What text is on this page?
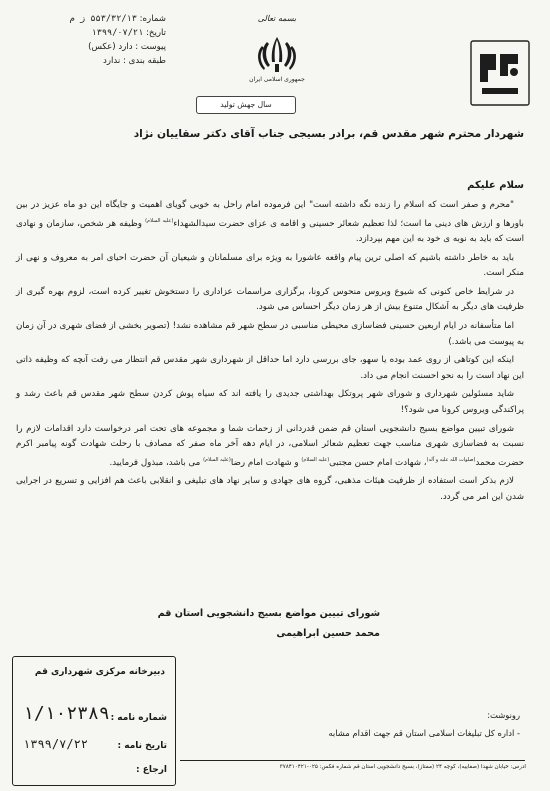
شماره: ۵۵۳/۳۲/۱۳ ز م
تاریخ: ۱۳۹۹/۰۷/۲۱
پیوست : دارد (عکس)
طبقه بندی : ندارد
بسمه تعالی
جمهوری اسلامی ایران
سال جهش تولید
شهردار محترم شهر مقدس قم، برادر بسیجی جناب آقای دکتر سقاییان نژاد
سلام علیکم

"محرم و صفر است که اسلام را زنده نگه داشته است" این فرموده امام راحل به خوبی گویای اهمیت و جایگاه این دو ماه عزیز در بین باورها و ارزش های دینی ما است؛ لذا تعظیم شعائر حسینی و اقامه ی عزای حضرت سیدالشهداء$^{(علیه السلام)}$ وظیفه هر شخص، سازمان و نهادی است که باید به نوبه ی خود به این مهم بپردازد.

باید به خاطر داشته باشیم که اصلی ترین پیام واقعه عاشورا به ویژه برای مسلمانان و شیعیان آن حضرت احیای امر به معروف و نهی از منکر است.

در شرایط خاص کنونی که شیوع ویروس منحوس کرونا، برگزاری مراسمات عزاداری را دستخوش تغییر کرده است، لزوم بهره گیری از ظرفیت های دیگر به اَشکال متنوع بیش از هر زمان دیگر احساس می شود.

اما متأسفانه در ایام اربعین حسینی فضاسازی محیطی مناسبی در سطح شهر قم مشاهده نشد! (تصویر بخشی از فضای شهری در آن زمان به پیوست می باشد.)

اینکه این کوتاهی از روی عمد بوده یا سهو، جای بررسی دارد اما حداقل از شهرداری شهر مقدس قم انتظار می رفت آنچه که وظیفه ذاتی این نهاد است را به نحو احسنت انجام می داد.

شاید مسئولین شهرداری و شورای شهر پروتکل بهداشتی جدیدی را یافته اند که سیاه پوش کردن سطح شهر مقدس قم باعث رشد و پراکندگی ویروس کرونا می شود؟!

شورای تبیین مواضع بسیج دانشجویی استان قم ضمن قدردانی از زحمات شما و مجموعه های تحت امر درخواست دارد اقدامات لازم را نسبت به فضاسازی شهری مناسب جهت تعظیم شعائر اسلامی، در ایام دهه آخر ماه صفر که مصادف با رحلت شهادت گونه پیامبر اکرم حضرت محمد$^{(صلوات الله علیه و آله)}$، شهادت امام حسن مجتبی$^{(علیه السلام)}$ و شهادت امام رضا$^{(علیه السلام)}$ می باشد، مبذول فرمایید.

لازم بذکر است استفاده از ظرفیت هیئات مذهبی، گروه های جهادی و سایر نهاد های تبلیغی و انقلابی باعث هم افزایی و تسریع در اجرایی شدن این امر می گردد.

شورای تبیین مواضع بسیج دانشجویی استان قم
محمد حسین ابراهیمی
دبیرخانه مرکزی شهرداری قم
شماره نامه :
۱/۱۰۲۳۸۹
تاریخ نامه :
۱۳۹۹/۷/۲۲
ارجاع :
رونوشت:
- اداره کل تبلیغات اسلامی استان قم جهت اقدام مشابه
آدرس: خیابان شهدا (صفاییه)، کوچه ۲۴ (ممتاز)، بسیج دانشجویی استان قم شماره فکس: ۰۲۵-۳۷۸۴۱۰۴۲۱
